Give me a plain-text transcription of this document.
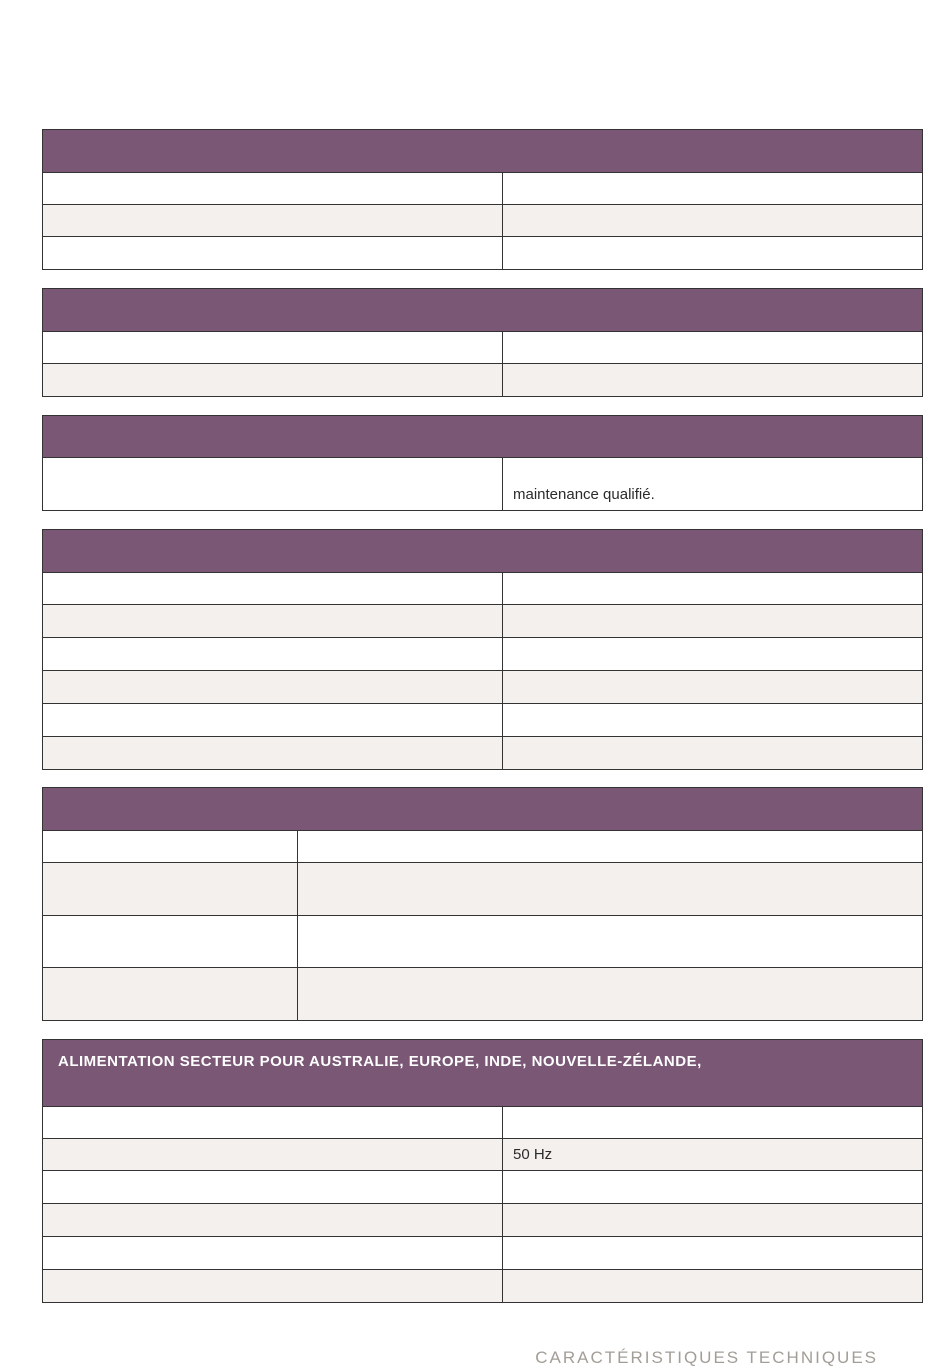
maintenance qualifié.
ALIMENTATION SECTEUR POUR AUSTRALIE, EUROPE, INDE, NOUVELLE-ZÉLANDE,
50 Hz
CARACTÉRISTIQUES TECHNIQUES
